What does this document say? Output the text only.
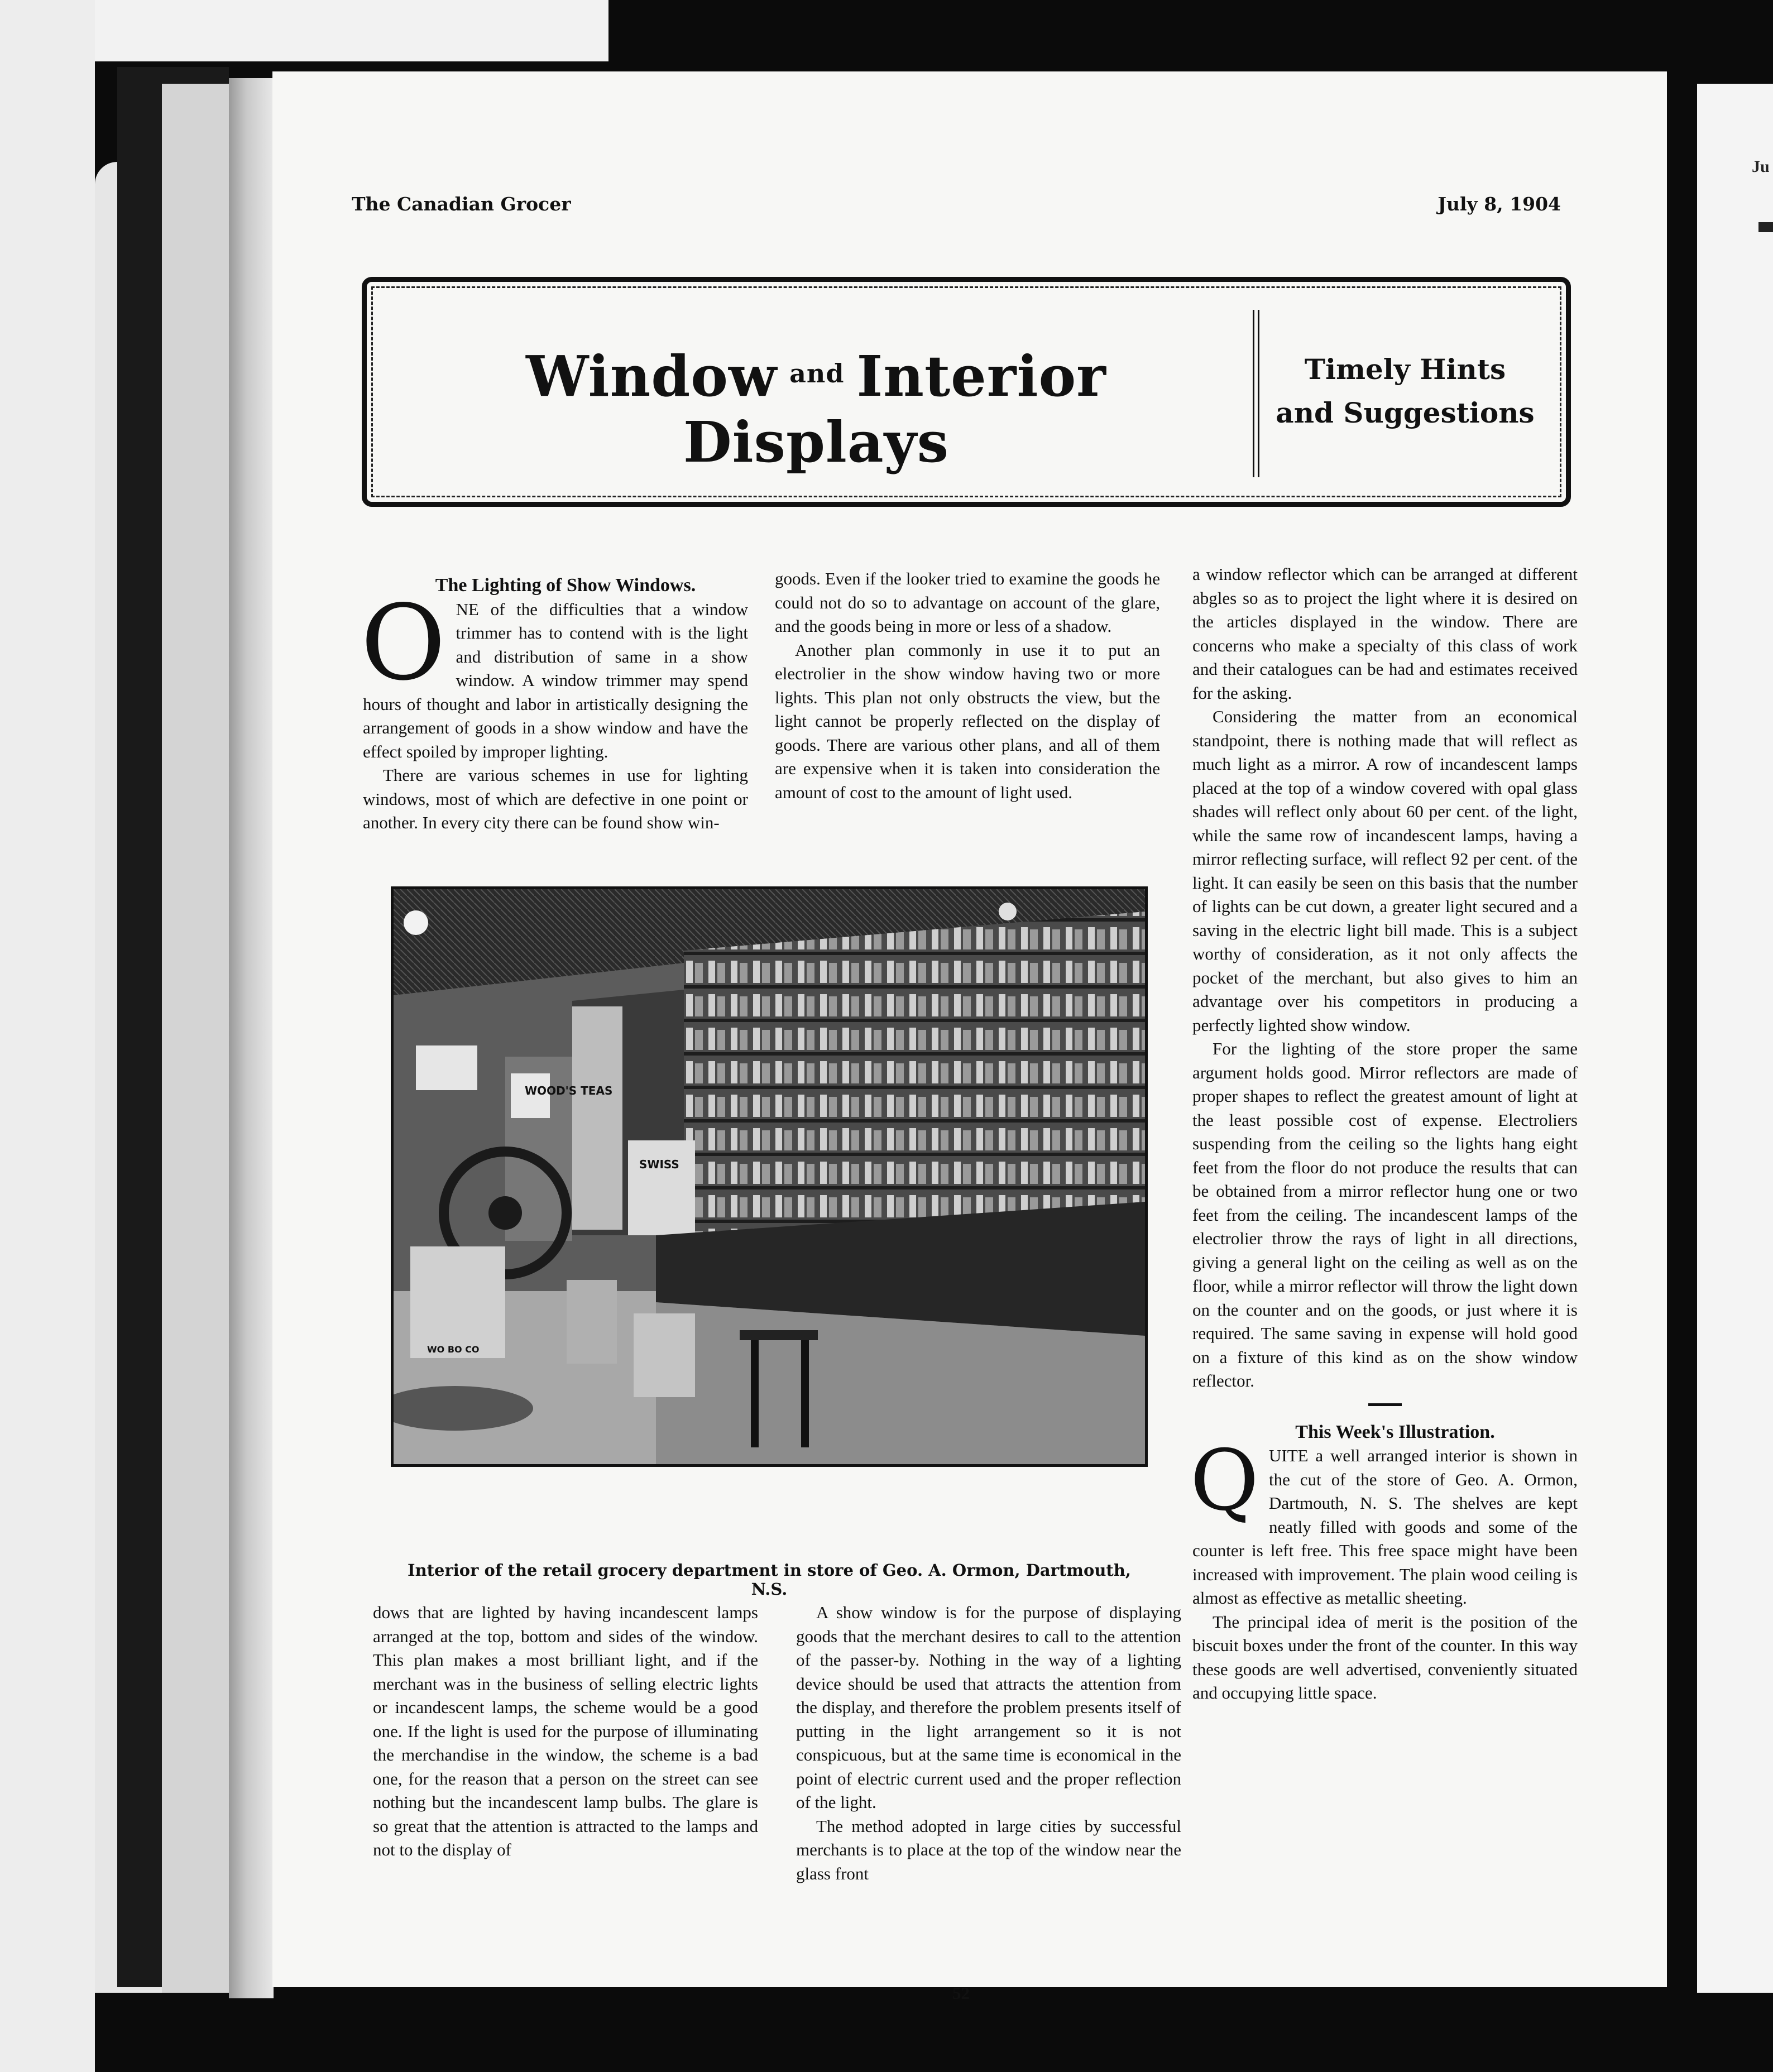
Ju
The Canadian Grocer	July 8, 1904
Window $^{and}$ Interior Displays
Timely Hints
and Suggestions

The Lighting of Show Windows.

ONE of the difficulties that a window trimmer has to contend with is the light and distribution of same in a show window. A window trimmer may spend hours of thought and labor in artistically designing the arrangement of goods in a show window and have the effect spoiled by improper lighting.

There are various schemes in use for lighting windows, most of which are defective in one point or another. In every city there can be found show win-

goods. Even if the looker tried to examine the goods he could not do so to advantage on account of the glare, and the goods being in more or less of a shadow.

Another plan commonly in use it to put an electrolier in the show window having two or more lights. This plan not only obstructs the view, but the light cannot be properly reflected on the display of goods. There are various other plans, and all of them are expensive when it is taken into consideration the amount of cost to the amount of light used.

a window reflector which can be arranged at different abgles so as to project the light where it is desired on the articles displayed in the window. There are concerns who make a specialty of this class of work and their catalogues can be had and estimates received for the asking.

Considering the matter from an economical standpoint, there is nothing made that will reflect as much light as a mirror. A row of incandescent lamps placed at the top of a window covered with opal glass shades will reflect only about 60 per cent. of the light, while the same row of incandescent lamps, having a mirror reflecting surface, will reflect 92 per cent. of the light. It can easily be seen on this basis that the number of lights can be cut down, a greater light secured and a saving in the electric light bill made. This is a subject worthy of consideration, as it not only affects the pocket of the merchant, but also gives to him an advantage over his competitors in producing a perfectly lighted show window.

For the lighting of the store proper the same argument holds good. Mirror reflectors are made of proper shapes to reflect the greatest amount of light at the least possible cost of expense. Electroliers suspending from the ceiling so the lights hang eight feet from the floor do not produce the results that can be obtained from a mirror reflector hung one or two feet from the ceiling. The incandescent lamps of the electrolier throw the rays of light in all directions, giving a general light on the ceiling as well as on the floor, while a mirror reflector will throw the light down on the counter and on the goods, or just where it is required. The same saving in expense will hold good on a fixture of this kind as on the show window reflector.

This Week's Illustration.

QUITE a well arranged interior is shown in the cut of the store of Geo. A. Ormon, Dartmouth, N. S. The shelves are kept neatly filled with goods and some of the counter is left free. This free space might have been increased with improvement. The plain wood ceiling is almost as effective as metallic sheeting.

The principal idea of merit is the position of the biscuit boxes under the front of the counter. In this way these goods are well advertised, conveniently situated and occupying little space.

WOOD'S TEAS
SWISS
WO BO CO
Interior of the retail grocery department in store of Geo. A. Ormon, Dartmouth, N.S.

dows that are lighted by having incandescent lamps arranged at the top, bottom and sides of the window. This plan makes a most brilliant light, and if the merchant was in the business of selling electric lights or incandescent lamps, the scheme would be a good one. If the light is used for the purpose of illuminating the merchandise in the window, the scheme is a bad one, for the reason that a person on the street can see nothing but the incandescent lamp bulbs. The glare is so great that the attention is attracted to the lamps and not to the display of

A show window is for the purpose of displaying goods that the merchant desires to call to the attention of the passer-by. Nothing in the way of a lighting device should be used that attracts the attention from the display, and therefore the problem presents itself of putting in the light arrangement so it is not conspicuous, but at the same time is economical in the point of electric current used and the proper reflection of the light.

The method adopted in large cities by successful merchants is to place at the top of the window near the glass front

52
